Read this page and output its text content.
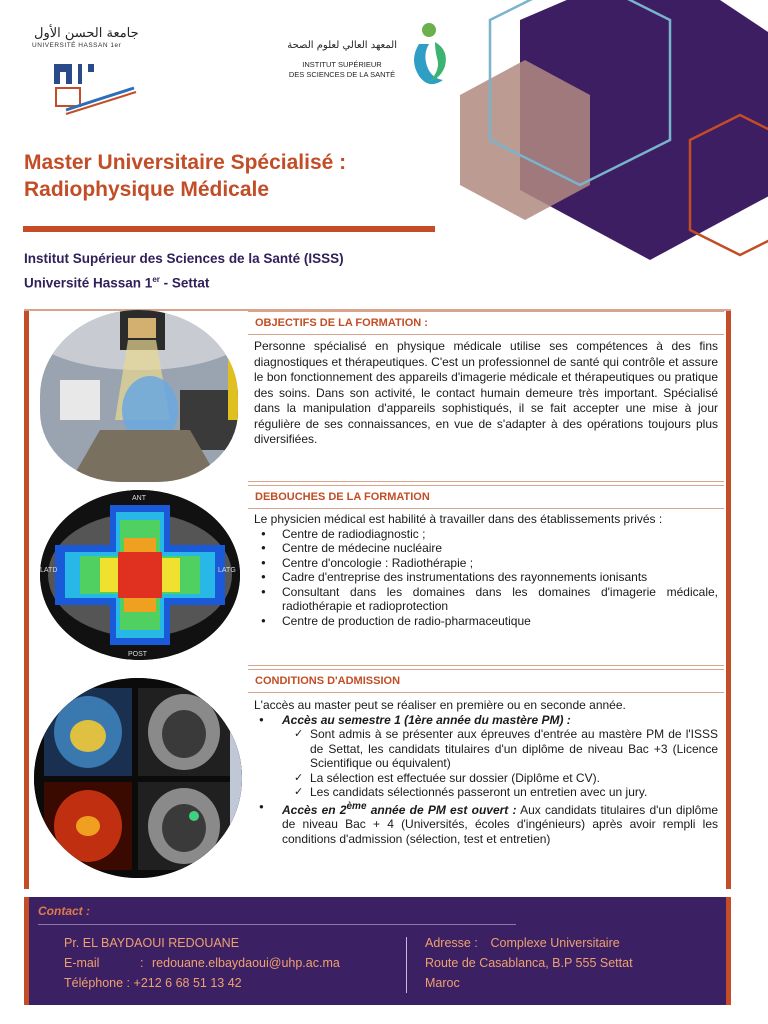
جامعة الحسن الأول
UNIVERSITÉ HASSAN 1er	المعهد العالي لعلوم الصحة
INSTITUT SUPÉRIEUR
DES SCIENCES DE LA SANTÉ
Master Universitaire Spécialisé :
Radiophysique Médicale
Institut Supérieur des Sciences de la Santé (ISSS)
Université Hassan 1er - Settat
ANT
LATD	LATG
POST
OBJECTIFS DE LA FORMATION :

Personne spécialisé en physique médicale utilise ses compétences à des fins diagnostiques et thérapeutiques. C'est un professionnel de santé qui contrôle et assure le bon fonctionnement des appareils d'imagerie médicale et thérapeutiques ou pratique des soins. Dans son activité, le contact humain demeure très important. Spécialisé dans la manipulation d'appareils sophistiqués, il se fait accepter une mise à jour régulière de ses connaissances, en vue de s'adapter à des opérations toujours plus diversifiées.

DEBOUCHES DE LA FORMATION

Le physicien médical est habilité à travailler dans des établissements privés :

● Centre de radiodiagnostic ;
● Centre de médecine nucléaire
● Centre d'oncologie : Radiothérapie ;
● Cadre d'entreprise des instrumentations des rayonnements ionisants
● Consultant dans les domaines dans les domaines d'imagerie médicale, radiothérapie et radioprotection
● Centre de production de radio-pharmaceutique
CONDITIONS D'ADMISSION

L'accès au master peut se réaliser en première ou en seconde année.

● Accès au semestre 1 (1ère année du mastère PM) :
✓ Sont admis à se présenter aux épreuves d'entrée au mastère PM de l'ISSS de Settat, les candidats titulaires d'un diplôme de niveau Bac +3 (Licence Scientifique ou équivalent)
✓ La sélection est effectuée sur dossier (Diplôme et CV).
✓ Les candidats sélectionnés passeront un entretien avec un jury.
● Accès en 2ème année de PM est ouvert : Aux candidats titulaires d'un diplôme de niveau Bac + 4 (Universités, écoles d'ingénieurs) après avoir rempli les conditions d'admission (sélection, test et entretien)
Contact :
Pr. EL BAYDAOUI REDOUANE
E-mail	: redouane.elbaydaoui@uhp.ac.ma
Téléphone : +212 6 68 51 13 42
Adresse : Complexe Universitaire
Route de Casablanca, B.P 555 Settat
Maroc
